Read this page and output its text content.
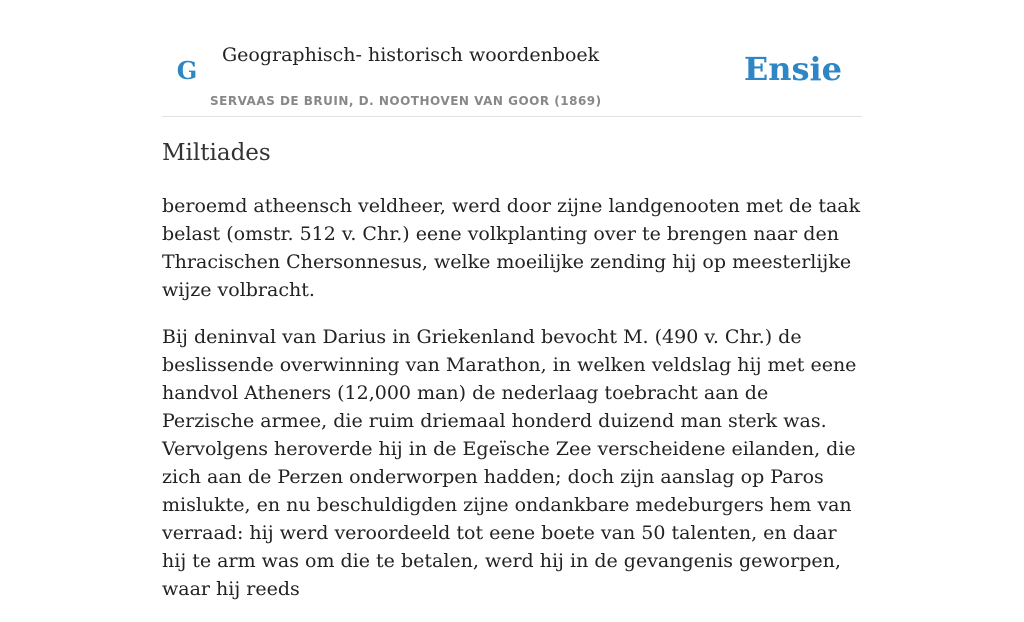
G
Geographisch- historisch woordenboek
SERVAAS DE BRUIN, D. NOOTHOVEN VAN GOOR (1869)
Ensie
Miltiades

beroemd atheensch veldheer, werd door zijne landgenooten met de taak belast (omstr. 512 v. Chr.) eene volkplanting over te brengen naar den Thracischen Chersonnesus, welke moeilijke zending hij op meesterlijke wijze volbracht.

Bij deninval van Darius in Griekenland bevocht M. (490 v. Chr.) de beslissende overwinning van Marathon, in welken veldslag hij met eene handvol Atheners (12,000 man) de nederlaag toebracht aan de Perzische armee, die ruim driemaal honderd duizend man sterk was. Vervolgens heroverde hij in de Egeïsche Zee verscheidene eilanden, die zich aan de Perzen onderworpen hadden; doch zijn aanslag op Paros mislukte, en nu beschuldigden zijne ondankbare medeburgers hem van verraad: hij werd veroordeeld tot eene boete van 50 talenten, en daar hij te arm was om die te betalen, werd hij in de gevangenis geworpen, waar hij reeds
